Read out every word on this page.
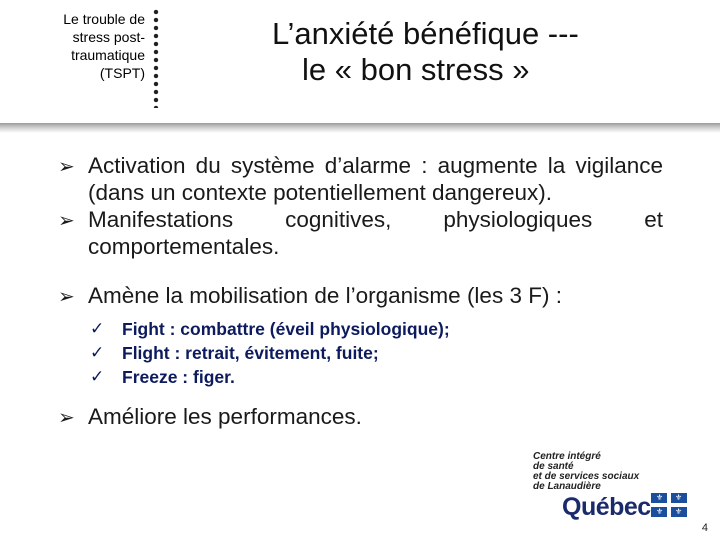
Le trouble de
stress post-
traumatique
(TSPT)
L’anxiété bénéfique ---
le « bon stress »
➢ Activation du système d’alarme : augmente la vigilance (dans un contexte potentiellement dangereux).
➢ Manifestations cognitives, physiologiques et comportementales.
➢ Amène la mobilisation de l’organisme (les 3 F) :
✓ Fight : combattre (éveil physiologique);
✓ Flight : retrait, évitement, fuite;
✓ Freeze : figer.
➢ Améliore les performances.
Centre intégré
de santé
et de services sociaux
de Lanaudière
Québec ⚜ ⚜
⚜ ⚜
4
